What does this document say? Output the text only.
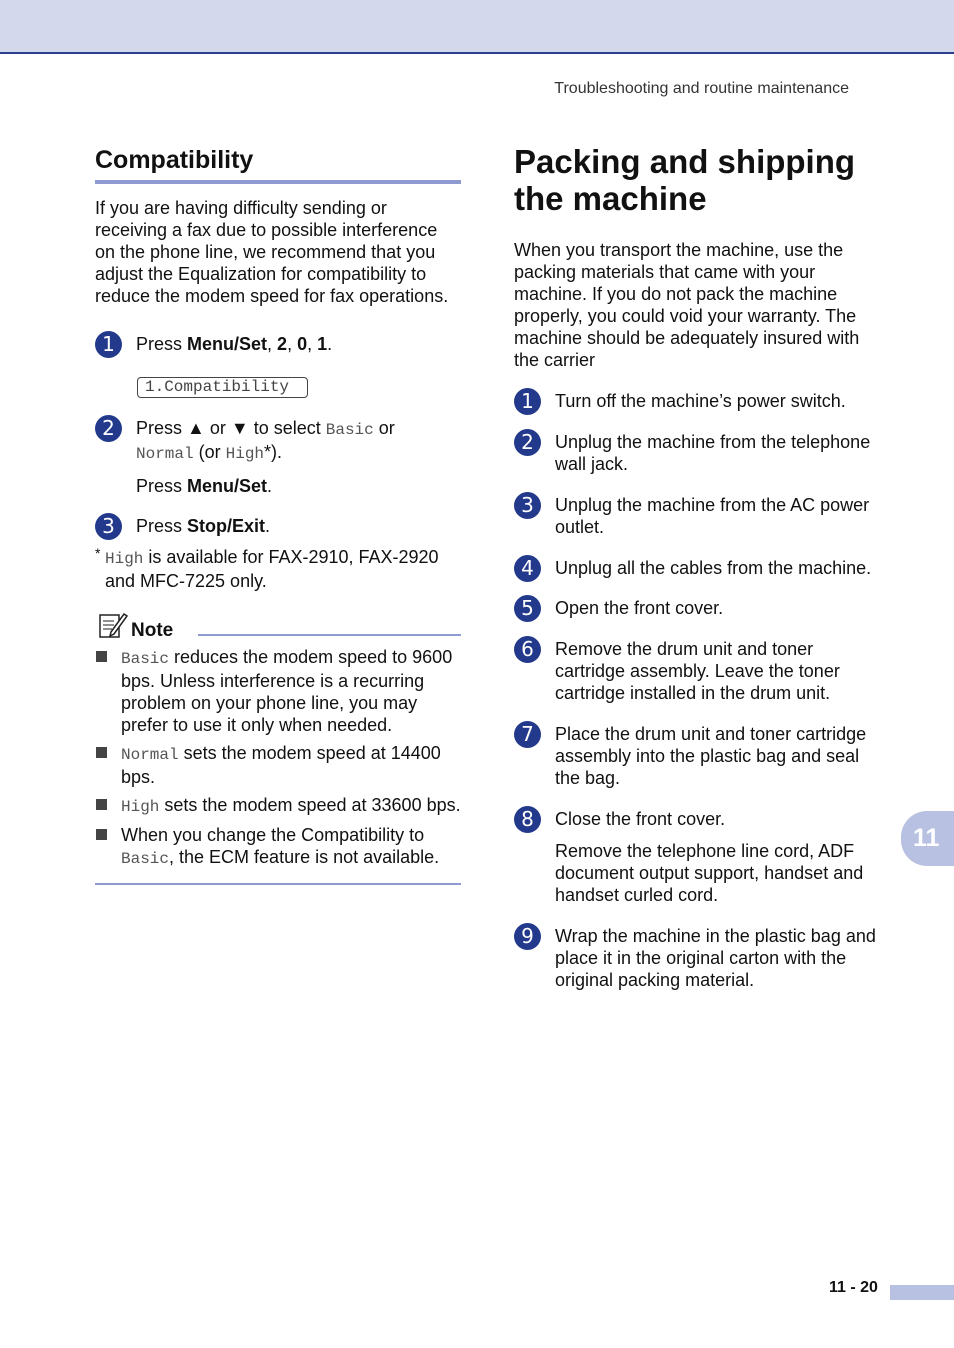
Troubleshooting and routine maintenance
Compatibility

If you are having difficulty sending or receiving a fax due to possible interference on the phone line, we recommend that you adjust the Equalization for compatibility to reduce the modem speed for fax operations.

1	Press Menu/Set, 2, 0, 1.
1.Compatibility
2	Press ▲ or ▼ to select Basic or
Normal (or High*).
Press Menu/Set.
3	Press Stop/Exit.
* High is available for FAX-2910, FAX-2920 and MFC-7225 only.
Note
Basic reduces the modem speed to 9600 bps. Unless interference is a recurring problem on your phone line, you may prefer to use it only when needed.
Normal sets the modem speed at 14400 bps.
High sets the modem speed at 33600 bps.
When you change the Compatibility to Basic, the ECM feature is not available.
Packing and shipping the machine

When you transport the machine, use the packing materials that came with your machine. If you do not pack the machine properly, you could void your warranty. The machine should be adequately insured with the carrier

1	Turn off the machine’s power switch.
2	Unplug the machine from the telephone wall jack.
3	Unplug the machine from the AC power outlet.
4	Unplug all the cables from the machine.
5	Open the front cover.
6	Remove the drum unit and toner cartridge assembly. Leave the toner cartridge installed in the drum unit.
7	Place the drum unit and toner cartridge assembly into the plastic bag and seal the bag.
8	Close the front cover.
Remove the telephone line cord, ADF document output support, handset and handset curled cord.
9	Wrap the machine in the plastic bag and place it in the original carton with the original packing material.
11
11 - 20
